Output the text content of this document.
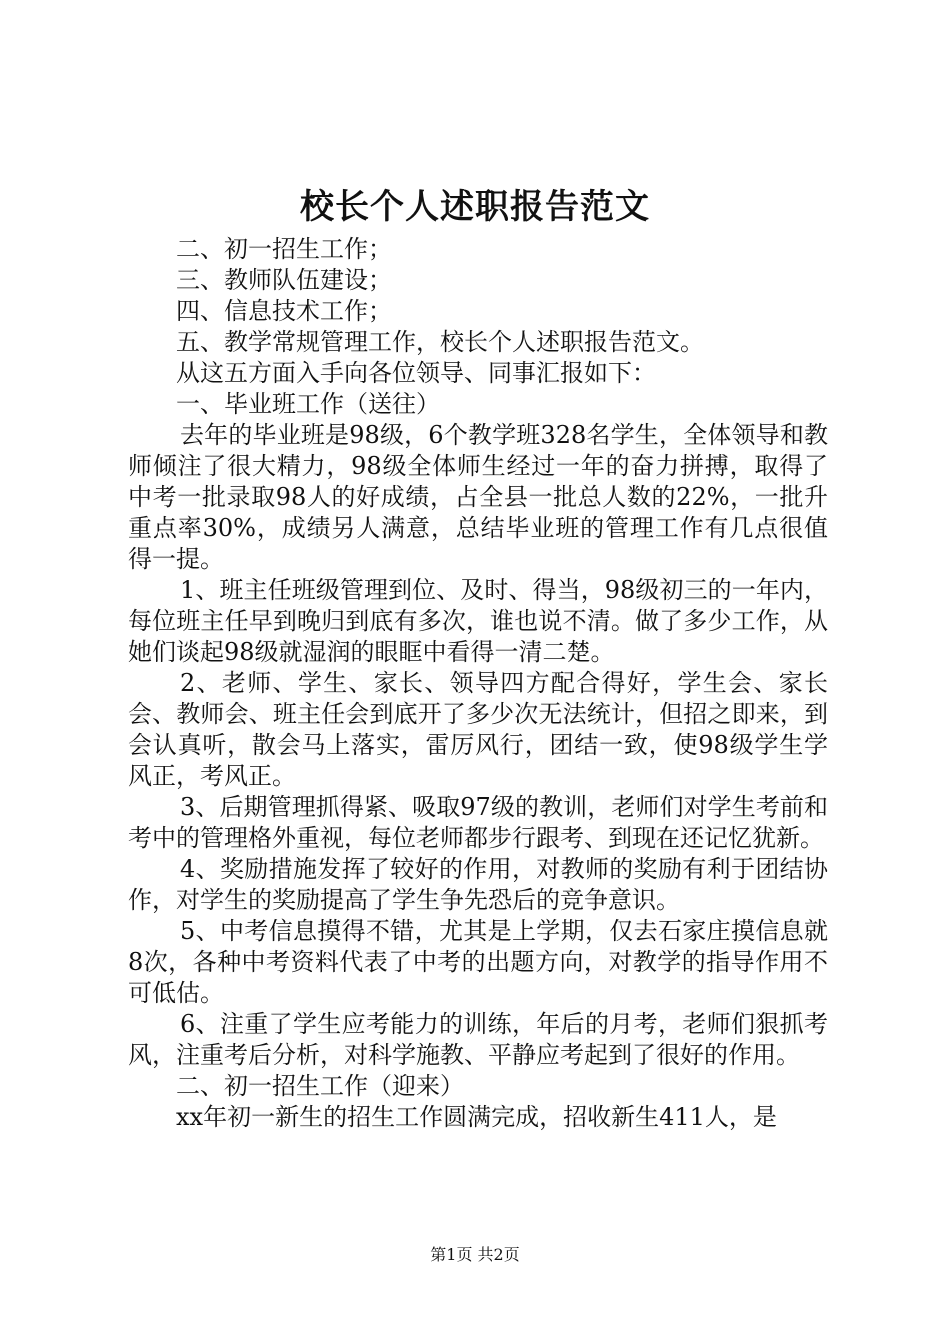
校长个人述职报告范文

二、初一招生工作；

三、教师队伍建设；

四、信息技术工作；

五、教学常规管理工作，校长个人述职报告范文。

从这五方面入手向各位领导、同事汇报如下：

一、毕业班工作（送往）

去年的毕业班是98级，6个教学班328名学生，全体领导和教师倾注了很大精力，98级全体师生经过一年的奋力拼搏，取得了中考一批录取98人的好成绩，占全县一批总人数的22%，一批升重点率30%，成绩另人满意，总结毕业班的管理工作有几点很值得一提。

1、班主任班级管理到位、及时、得当，98级初三的一年内，每位班主任早到晚归到底有多次，谁也说不清。做了多少工作，从她们谈起98级就湿润的眼眶中看得一清二楚。

2、老师、学生、家长、领导四方配合得好，学生会、家长会、教师会、班主任会到底开了多少次无法统计，但招之即来，到会认真听，散会马上落实，雷厉风行，团结一致，使98级学生学风正，考风正。

3、后期管理抓得紧、吸取97级的教训，老师们对学生考前和考中的管理格外重视，每位老师都步行跟考、到现在还记忆犹新。

4、奖励措施发挥了较好的作用，对教师的奖励有利于团结协作，对学生的奖励提高了学生争先恐后的竞争意识。

5、中考信息摸得不错，尤其是上学期，仅去石家庄摸信息就8次，各种中考资料代表了中考的出题方向，对教学的指导作用不可低估。

6、注重了学生应考能力的训练，年后的月考，老师们狠抓考风，注重考后分析，对科学施教、平静应考起到了很好的作用。

二、初一招生工作（迎来）

xx年初一新生的招生工作圆满完成，招收新生411人，是

第1页 共2页
